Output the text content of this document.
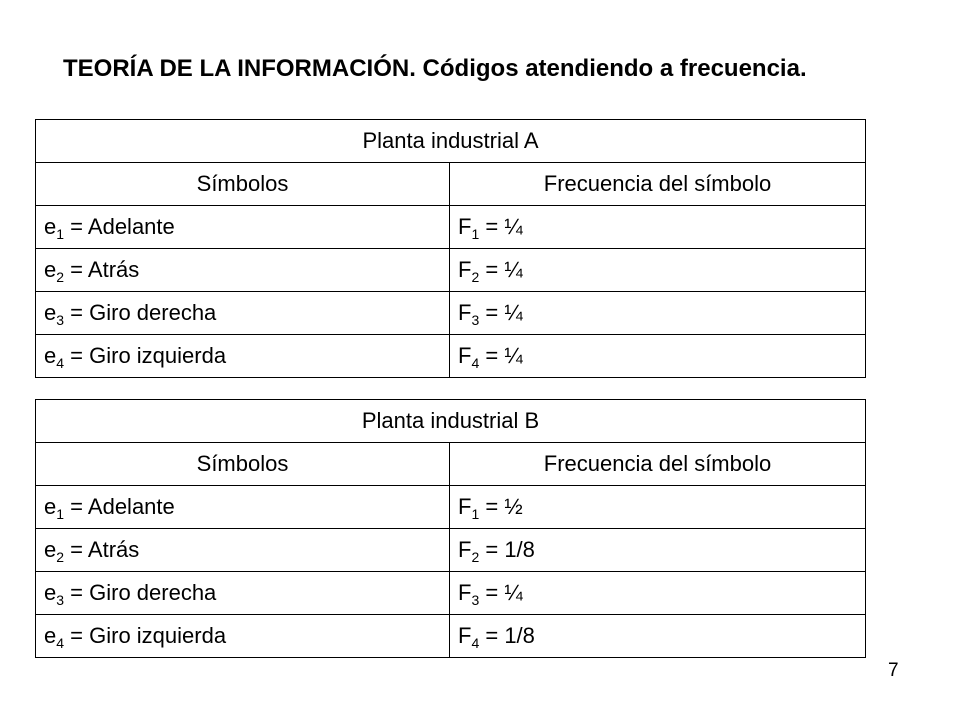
TEORÍA DE LA INFORMACIÓN. Códigos atendiendo a frecuencia.
Planta industrial A	
Símbolos	Frecuencia del símbolo
$e_1$ = Adelante	$F_1$ = ¼
$e_2$ = Atrás	$F_2$ = ¼
$e_3$ = Giro derecha	$F_3$ = ¼
$e_4$ = Giro izquierda	$F_4$ = ¼
Planta industrial B	
Símbolos	Frecuencia del símbolo
$e_1$ = Adelante	$F_1$ = ½
$e_2$ = Atrás	$F_2 = 1/8$
$e_3$ = Giro derecha	$F_3$ = ¼
$e_4$ = Giro izquierda	$F_4 = 1/8$
7
